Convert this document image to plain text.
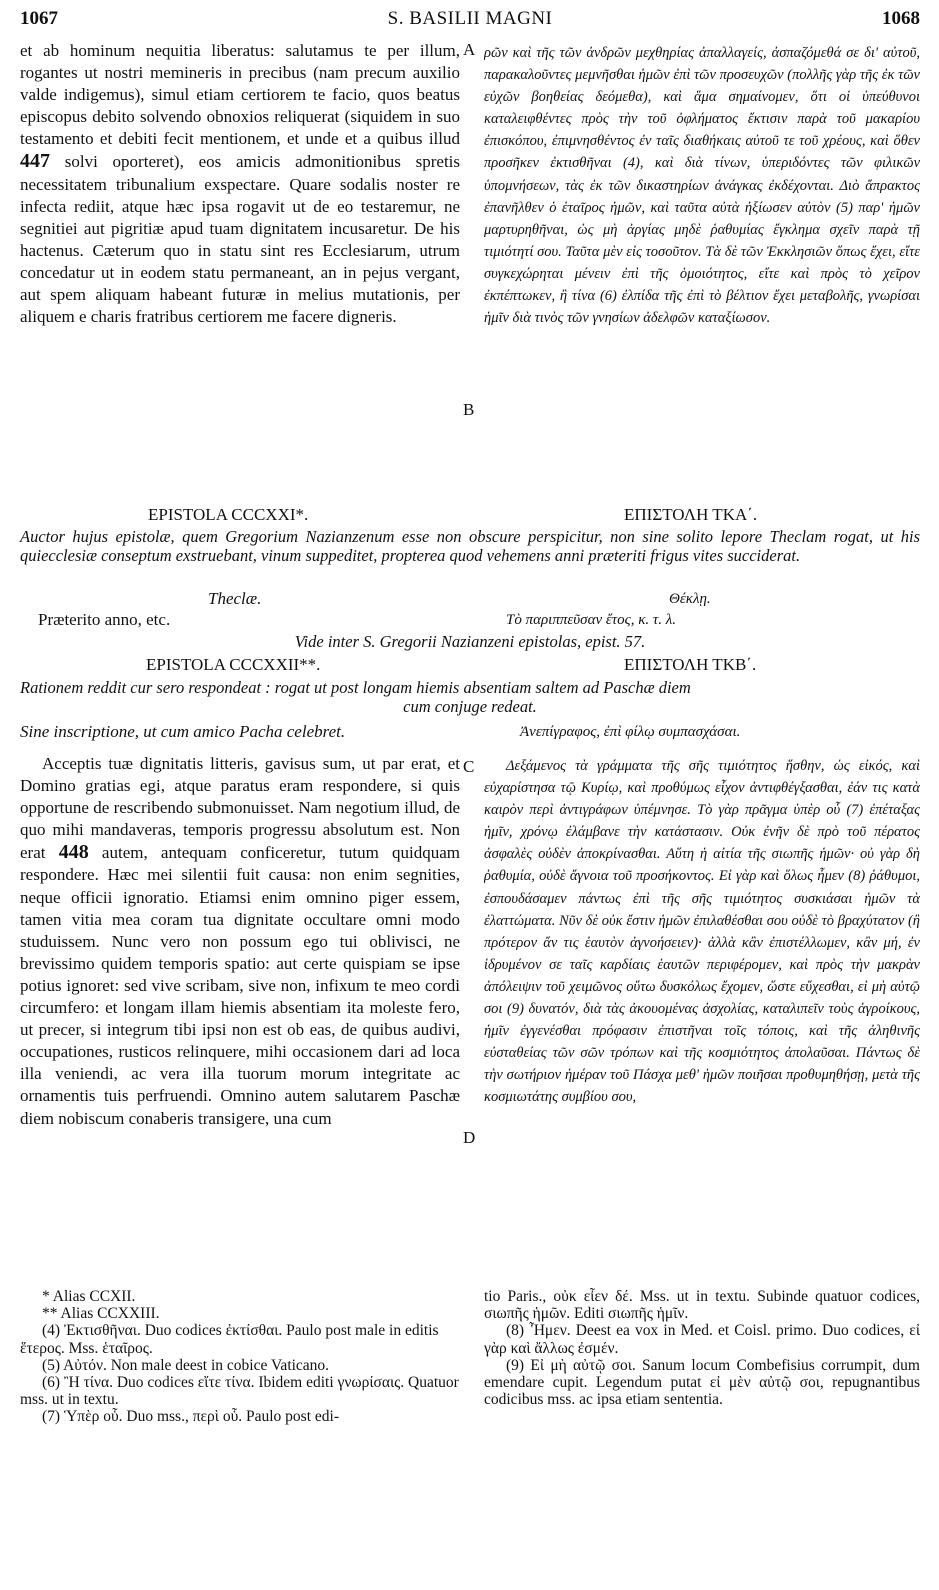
1067	S. BASILII MAGNI	1068

et ab hominum nequitia liberatus: salutamus te per illum, rogantes ut nostri memineris in precibus (nam precum auxilio valde indigemus), simul etiam certiorem te facio, quos beatus episcopus debito solvendo obnoxios reliquerat (siquidem in suo testamento et debiti fecit mentionem, et unde et a quibus illud 447 solvi oporteret), eos amicis admonitionibus spretis necessitatem tribunalium exspectare. Quare sodalis noster re infecta rediit, atque hæc ipsa rogavit ut de eo testaremur, ne segnitiei aut pigritiæ apud tuam dignitatem incusaretur. De his hactenus. Cæterum quo in statu sint res Ecclesiarum, utrum concedatur ut in eodem statu permaneant, an in pejus vergant, aut spem aliquam habeant futuræ in melius mutationis, per aliquem e charis fratribus certiorem me facere digneris.

A ρῶν καὶ τῆς τῶν ἀνδρῶν μεχθηρίας ἀπαλλαγείς, ἀσπαζόμεθά σε δι' αὐτοῦ, παρακαλοῦντες μεμνῆσθαι ἡμῶν ἐπὶ τῶν προσευχῶν (πολλῆς γὰρ τῆς ἐκ τῶν εὐχῶν βοηθείας δεόμεθα), καὶ ἅμα σημαίνομεν, ὅτι οἱ ὑπεύθυνοι καταλειφθέντες πρὸς τὴν τοῦ ὀφλήματος ἔκτισιν παρὰ τοῦ μακαρίου ἐπισκόπου, ἐπιμνησθέντος ἐν ταῖς διαθήκαις αὐτοῦ τε τοῦ χρέους, καὶ ὅθεν προσῆκεν ἐκτισθῆναι (4), καὶ διὰ τίνων, ὑπεριδόντες τῶν φιλικῶν ὑπομνήσεων, τὰς ἐκ τῶν δικαστηρίων ἀνάγκας ἐκδέχονται. Διὸ ἄπρακτος ἐπανῆλθεν ὁ ἑταῖρος ἡμῶν, καὶ ταῦτα αὐτὰ ἠξίωσεν αὐτὸν (5) παρ' ἡμῶν μαρτυρηθῆναι, ὡς μὴ ἀργίας μηδὲ ῥαθυμίας ἔγκλημα σχεῖν παρὰ τῇ τιμιότητί σου. Ταῦτα μὲν εἰς τοσοῦτον. Τὰ δὲ τῶν Ἐκκλησιῶν ὅπως ἔχει, εἴτε συγκεχώρηται μένειν ἐπὶ τῆς ὁμοιότητος, εἴτε καὶ πρὸς τὸ χεῖρον ἐκπέπτωκεν, ἢ τίνα (6) ἐλπίδα τῆς ἐπὶ τὸ βέλτιον ἔχει μεταβολῆς, γνωρίσαι ἡμῖν διὰ τινὸς τῶν γνησίων ἀδελφῶν καταξίωσον.

B
EPISTOLA CCCXXI*.	ΕΠΙΣΤΟΛΗ ΤΚΑ΄.
Auctor hujus epistolæ, quem Gregorium Nazianzenum esse non obscure perspicitur, non sine solito lepore Theclam rogat, ut his quiecclesiæ conseptum exstruebant, vinum suppeditet, propterea quod vehemens anni præteriti frigus vites succiderat.
Theclæ.	Θέκλῃ.
Præterito anno, etc.	Τὸ παριππεῦσαν ἔτος, κ. τ. λ.
Vide inter S. Gregorii Nazianzeni epistolas, epist. 57.
EPISTOLA CCCXXII**.	ΕΠΙΣΤΟΛΗ ΤΚΒ΄.
Rationem reddit cur sero respondeat : rogat ut post longam hiemis absentiam saltem ad Paschæ diem
cum conjuge redeat.
Sine inscriptione, ut cum amico Pacha celebret.	Ἀνεπίγραφος, ἐπὶ φίλῳ συμπασχάσαι.

Acceptis tuæ dignitatis litteris, gavisus sum, ut par erat, et Domino gratias egi, atque paratus eram respondere, si quis opportune de rescribendo submonuisset. Nam negotium illud, de quo mihi mandaveras, temporis progressu absolutum est. Non erat 448 autem, antequam conficeretur, tutum quidquam respondere. Hæc mei silentii fuit causa: non enim segnities, neque officii ignoratio. Etiamsi enim omnino piger essem, tamen vitia mea coram tua dignitate occultare omni modo studuissem. Nunc vero non possum ego tui oblivisci, ne brevissimo quidem temporis spatio: aut certe quispiam se ipse potius ignoret: sed vive scribam, sive non, infixum te meo cordi circumfero: et longam illam hiemis absentiam ita moleste fero, ut precer, si integrum tibi ipsi non est ob eas, de quibus audivi, occupationes, rusticos relinquere, mihi occasionem dari ad loca illa veniendi, ac vera illa tuorum morum integritate ac ornamentis tuis perfruendi. Omnino autem salutarem Paschæ diem nobiscum conaberis transigere, una cum

C	Δεξάμενος τὰ γράμματα τῆς σῆς τιμιότητος ἥσθην, ὡς εἰκός, καὶ εὐχαρίστησα τῷ Κυρίῳ, καὶ προθύμως εἶχον ἀντιφθέγξασθαι, ἐάν τις κατὰ καιρὸν περὶ ἀντιγράφων ὑπέμνησε. Τὸ γὰρ πρᾶγμα ὑπὲρ οὗ (7) ἐπέταξας ἡμῖν, χρόνῳ ἐλάμβανε τὴν κατάστασιν. Οὐκ ἐνῆν δὲ πρὸ τοῦ πέρατος ἀσφαλὲς οὐδὲν ἀποκρίνασθαι. Αὕτη ἡ αἰτία τῆς σιωπῆς ἡμῶν· οὐ γὰρ δὴ ῥαθυμία, οὐδὲ ἄγνοια τοῦ προσήκοντος. Εἰ γὰρ καὶ ὅλως ἦμεν (8) ῥάθυμοι, ἐσπουδάσαμεν πάντως ἐπὶ τῆς σῆς τιμιότητος συσκιάσαι ἡμῶν τὰ ἐλαττώματα. Νῦν δὲ οὐκ ἔστιν ἡμῶν ἐπιλαθέσθαι σου οὐδὲ τὸ βραχύτατον (ἢ πρότερον ἄν τις ἑαυτὸν ἀγνοήσειεν)· ἀλλὰ κἂν ἐπιστέλλωμεν, κἂν μή, ἐν ἱδρυμένον σε ταῖς καρδίαις ἑαυτῶν περιφέρομεν, καὶ πρὸς τὴν μακρὰν ἀπόλειψιν τοῦ χειμῶνος οὕτω δυσκόλως ἔχομεν, ὥστε εὔχεσθαι, εἰ μὴ αὐτῷ σοι (9) δυνατόν, διὰ τὰς ἀκουομένας ἀσχολίας, καταλιπεῖν τοὺς ἀγροίκους, ἡμῖν ἐγγενέσθαι πρόφασιν ἐπιστῆναι τοῖς τόποις, καὶ τῆς ἀληθινῆς εὐσταθείας τῶν σῶν τρόπων καὶ τῆς κοσμιότητος ἀπολαῦσαι. Πάντως δὲ τὴν σωτήριον ἡμέραν τοῦ Πάσχα μεθ' ἡμῶν ποιῆσαι προθυμηθήσῃ, μετὰ τῆς κοσμιωτάτης συμβίου σου,

D

* Alias CCXII.

** Alias CCXXIII.

(4) Ἐκτισθῆναι. Duo codices ἐκτίσθαι. Paulo post male in editis ἕτερος. Mss. ἑταῖρος.

(5) Αὐτόν. Non male deest in cobice Vaticano.

(6) Ἢ τίνα. Duo codices εἴτε τίνα. Ibidem editi γνωρίσαις. Quatuor mss. ut in textu.

(7) Ὑπὲρ οὗ. Duo mss., περὶ οὗ. Paulo post edi-

tio Paris., οὐκ εἶεν δέ. Mss. ut in textu. Subinde quatuor codices, σιωπῆς ἡμῶν. Editi σιωπῆς ἡμῖν.

(8) Ἦμεν. Deest ea vox in Med. et Coisl. primo. Duo codices, εἰ γὰρ καὶ ἄλλως ἐσμέν.

(9) Εἰ μὴ αὐτῷ σοι. Sanum locum Combefisius corrumpit, dum emendare cupit. Legendum putat εἰ μὲν αὐτῷ σοι, repugnantibus codicibus mss. ac ipsa etiam sententia.
